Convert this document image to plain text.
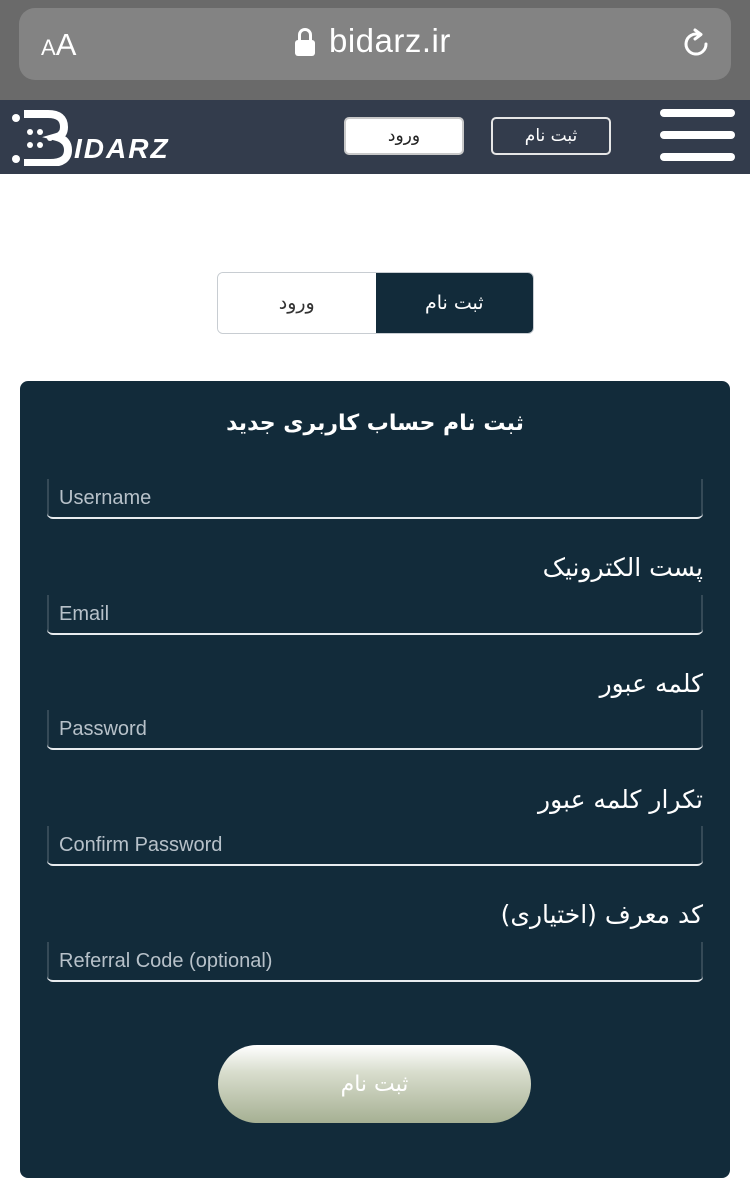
AA	bidarz.ir
IDARZ	ورود	ثبت نام
ورود	ثبت نام
ثبت نام حساب کاربری جدید
Username
پست الکترونیک
Email
کلمه عبور
Password
تکرار کلمه عبور
Confirm Password
کد معرف (اختیاری)
Referral Code (optional)
ثبت نام
